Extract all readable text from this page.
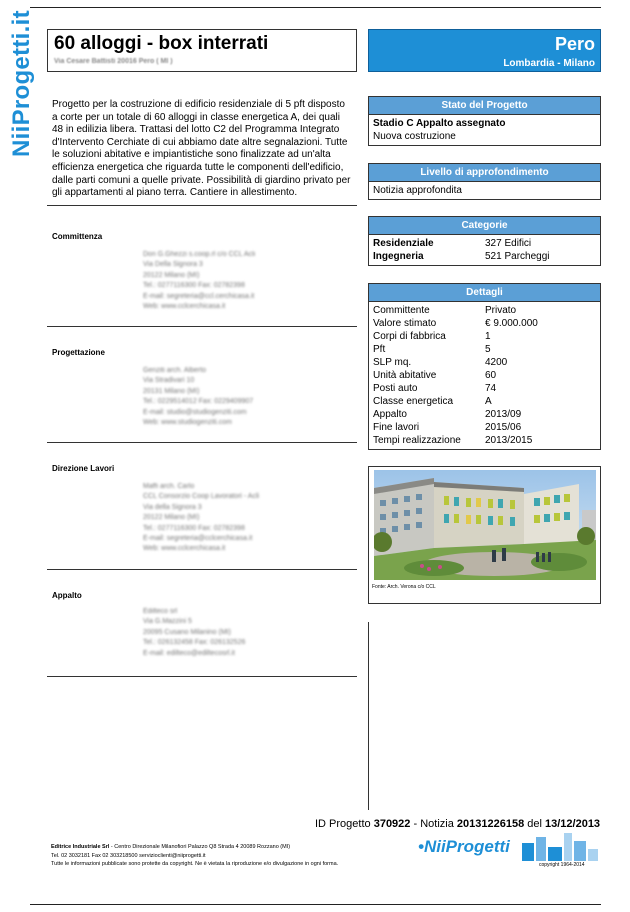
NiiProgetti.it 60 alloggi - box interrati
Via Cesare Battisti 20016 Pero ( MI )
Pero
Lombardia - Milano
Progetto per la costruzione di edificio residenziale di 5 pft disposto a corte per un totale di 60 alloggi in classe energetica A, dei quali 48 in edilizia libera. Trattasi del lotto C2 del Programma Integrato d'Intervento Cerchiate di cui abbiamo date altre segnalazioni. Tutte le soluzioni abitative e impiantistiche sono finalizzate ad un'alta efficienza energetica che riguarda tutte le componenti dell'edificio, dalle parti comuni a quelle private. Possibilità di giardino privato per gli appartamenti al piano terra. Cantiere in allestimento.
Committenza
Don G.Ghezzi s.coop.rl c/o CCL Acli
Via Della Signora 3
20122 Milano (MI)
Tel.: 0277116300 Fax: 02782398
E-mail: segreteria@ccl.cerchicasa.it
Web: www.cclcerchicasa.it
Progettazione
Genziti arch. Alberto
Via Stradivari 10
20131 Milano (MI)
Tel.: 0229514012 Fax: 0229409907
E-mail: studio@studiogenziti.com
Web: www.studiogenziti.com
Direzione Lavori
Maffi arch. Carlo
CCL Consorzio Coop Lavoratori - Acli
Via della Signora 3
20122 Milano (MI)
Tel.: 0277116300 Fax: 02782398
E-mail: segreteria@cclcerchicasa.it
Web: www.cclcerchicasa.it
Appalto
Edilteco srl
Via G.Mazzini 5
20095 Cusano Milanino (MI)
Tel.: 026132458 Fax: 026132526
E-mail: edilteco@ediltecosrl.it
Stato del Progetto
Stadio C Appalto assegnato
Nuova costruzione
Livello di approfondimento
Notizia approfondita
Categorie
Residenziale	327 Edifici
Ingegneria	521 Parcheggi
Dettagli
Committente	Privato
Valore stimato	€ 9.000.000
Corpi di fabbrica	1
Pft	5
SLP mq.	4200
Unità abitative	60
Posti auto	74
Classe energetica	A
Appalto	2013/09
Fine lavori	2015/06
Tempi realizzazione	2013/2015
Fonte: Arch. Verona c/o CCL
ID Progetto 370922 - Notizia 20131226158 del 13/12/2013
Editrice Industriale Srl - Centro Direzionale Milanofiori Palazzo Q8 Strada 4 20089 Rozzano (MI)
Tel. 02 3032181 Fax 02 303218500 servizioclienti@niiprogetti.it
Tutte le informazioni pubblicate sono protette da copyright. Ne è vietata la riproduzione e/o divulgazione in ogni forma.
•NiiProgetti
copyright 1964-2014
